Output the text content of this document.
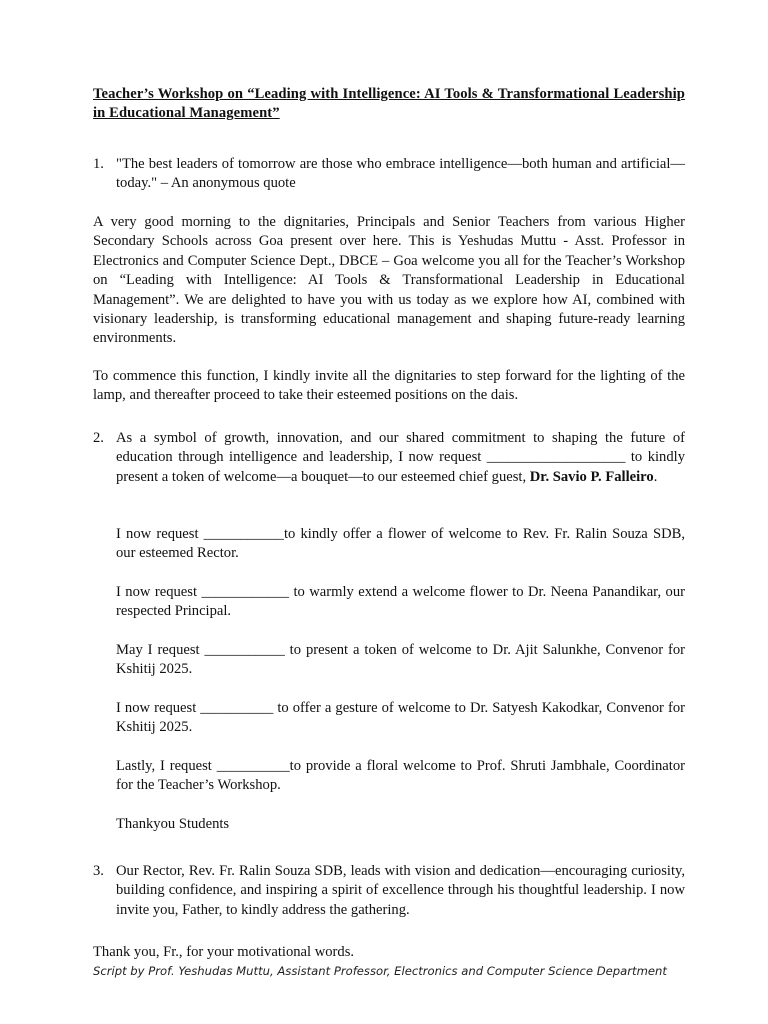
Teacher’s Workshop on “Leading with Intelligence: AI Tools & Transformational Leadership in Educational Management”
1. "The best leaders of tomorrow are those who embrace intelligence—both human and artificial—today." – An anonymous quote
A very good morning to the dignitaries, Principals and Senior Teachers from various Higher Secondary Schools across Goa present over here. This is Yeshudas Muttu - Asst. Professor in Electronics and Computer Science Dept., DBCE – Goa welcome you all for the Teacher’s Workshop on “Leading with Intelligence: AI Tools & Transformational Leadership in Educational Management”. We are delighted to have you with us today as we explore how AI, combined with visionary leadership, is transforming educational management and shaping future-ready learning environments.
To commence this function, I kindly invite all the dignitaries to step forward for the lighting of the lamp, and thereafter proceed to take their esteemed positions on the dais.
2. As a symbol of growth, innovation, and our shared commitment to shaping the future of education through intelligence and leadership, I now request ___________________ to kindly present a token of welcome—a bouquet—to our esteemed chief guest, Dr. Savio P. Falleiro.
I now request ___________to kindly offer a flower of welcome to Rev. Fr. Ralin Souza SDB, our esteemed Rector.
I now request ____________ to warmly extend a welcome flower to Dr. Neena Panandikar, our respected Principal.
May I request ___________ to present a token of welcome to Dr. Ajit Salunkhe, Convenor for Kshitij 2025.
I now request __________ to offer a gesture of welcome to Dr. Satyesh Kakodkar, Convenor for Kshitij 2025.
Lastly, I request __________to provide a floral welcome to Prof. Shruti Jambhale, Coordinator for the Teacher’s Workshop.
Thankyou Students
3. Our Rector, Rev. Fr. Ralin Souza SDB, leads with vision and dedication—encouraging curiosity, building confidence, and inspiring a spirit of excellence through his thoughtful leadership. I now invite you, Father, to kindly address the gathering.
Thank you, Fr., for your motivational words.
Script by Prof. Yeshudas Muttu, Assistant Professor, Electronics and Computer Science Department
